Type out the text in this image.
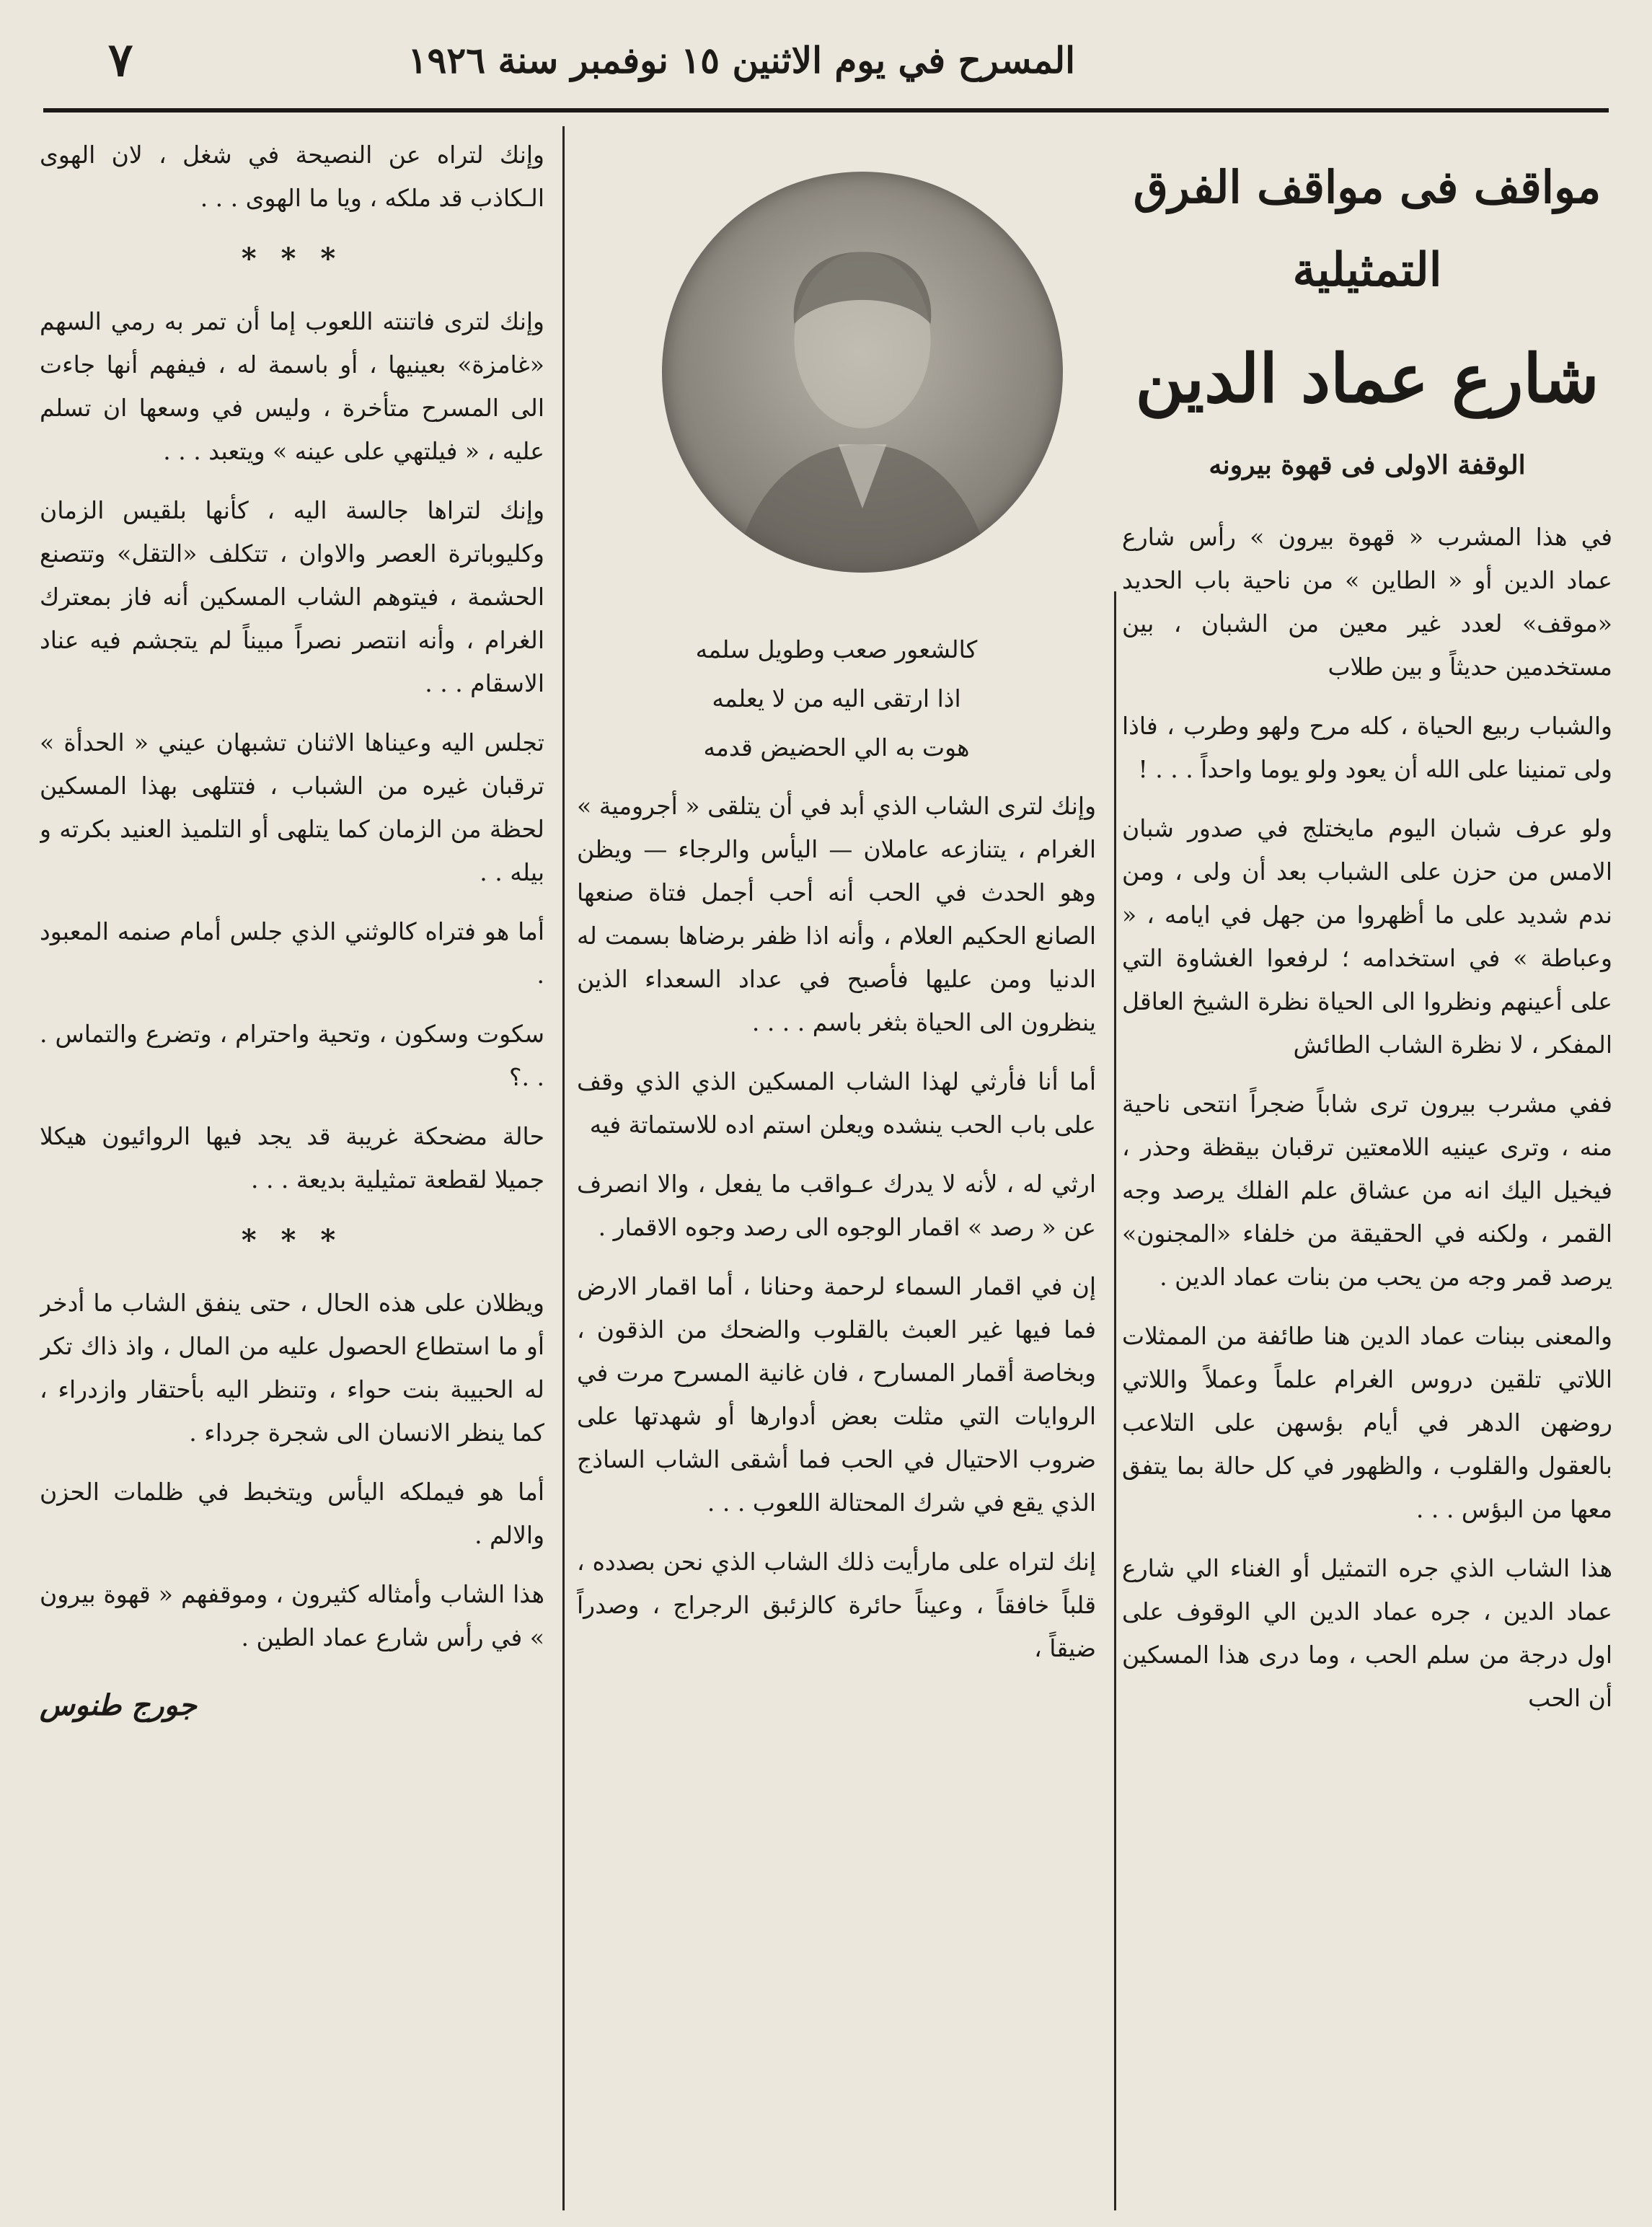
المسرح في يوم الاثنين ١٥ نوفمبر سنة ١٩٢٦
٧
مواقف فى مواقف الفرق
التمثيلية
شارع عماد الدين
الوقفة الاولى فى قهوة بيرونه

في هذا المشرب « قهوة بيرون » رأس شارع عماد الدين أو « الطاين » من ناحية باب الحديد «موقف» لعدد غير معين من الشبان ، بين مستخدمين حديثاً و بين طلاب

والشباب ربيع الحياة ، كله مرح ولهو وطرب ، فاذا ولى تمنينا على الله أن يعود ولو يوما واحداً . . . !

ولو عرف شبان اليوم مايختلج في صدور شبان الامس من حزن على الشباب بعد أن ولى ، ومن ندم شديد على ما أظهروا من جهل في ايامه ، « وعباطة » في استخدامه ؛ لرفعوا الغشاوة التي على أعينهم ونظروا الى الحياة نظرة الشيخ العاقل المفكر ، لا نظرة الشاب الطائش

ففي مشرب بيرون ترى شاباً ضجراً انتحى ناحية منه ، وترى عينيه اللامعتين ترقبان بيقظة وحذر ، فيخيل اليك انه من عشاق علم الفلك يرصد وجه القمر ، ولكنه في الحقيقة من خلفاء «المجنون» يرصد قمر وجه من يحب من بنات عماد الدين .

والمعنى ببنات عماد الدين هنا طائفة من الممثلات اللاتي تلقين دروس الغرام علماً وعملاً واللاتي روضهن الدهر في أيام بؤسهن على التلاعب بالعقول والقلوب ، والظهور في كل حالة بما يتفق معها من البؤس . . .

هذا الشاب الذي جره التمثيل أو الغناء الي شارع عماد الدين ، جره عماد الدين الي الوقوف على اول درجة من سلم الحب ، وما درى هذا المسكين أن الحب

كالشعور صعب وطويل سلمه
اذا ارتقى اليه من لا يعلمه
هوت به الي الحضيض قدمه

وإنك لترى الشاب الذي أبد في أن يتلقى « أجرومية » الغرام ، يتنازعه عاملان — اليأس والرجاء — ويظن وهو الحدث في الحب أنه أحب أجمل فتاة صنعها الصانع الحكيم العلام ، وأنه اذا ظفر برضاها بسمت له الدنيا ومن عليها فأصبح في عداد السعداء الذين ينظرون الى الحياة بثغر باسم . . . .

أما أنا فأرثي لهذا الشاب المسكين الذي الذي وقف على باب الحب ينشده ويعلن استم اده للاستماتة فيه

ارثي له ، لأنه لا يدرك عـواقب ما يفعل ، والا انصرف عن « رصد » اقمار الوجوه الى رصد وجوه الاقمار .

إن في اقمار السماء لرحمة وحنانا ، أما اقمار الارض فما فيها غير العبث بالقلوب والضحك من الذقون ، وبخاصة أقمار المسارح ، فان غانية المسرح مرت في الروايات التي مثلت بعض أدوارها أو شهدتها على ضروب الاحتيال في الحب فما أشقى الشاب الساذج الذي يقع في شرك المحتالة اللعوب . . .

إنك لتراه على مارأيت ذلك الشاب الذي نحن بصدده ، قلباً خافقاً ، وعيناً حائرة كالزئبق الرجراج ، وصدراً ضيقاً ،

وإنك لتراه عن النصيحة في شغل ، لان الهوى الـكاذب قد ملكه ، ويا ما الهوى . . .

* * *

وإنك لترى فاتنته اللعوب إما أن تمر به رمي السهم «غامزة» بعينيها ، أو باسمة له ، فيفهم أنها جاءت الى المسرح متأخرة ، وليس في وسعها ان تسلم عليه ، « فيلتهي على عينه » ويتعبد . . .

وإنك لتراها جالسة اليه ، كأنها بلقيس الزمان وكليوباترة العصر والاوان ، تتكلف «التقل» وتتصنع الحشمة ، فيتوهم الشاب المسكين أنه فاز بمعترك الغرام ، وأنه انتصر نصراً مبيناً لم يتجشم فيه عناد الاسقام . . .

تجلس اليه وعيناها الاثنان تشبهان عيني « الحدأة » ترقبان غيره من الشباب ، فتتلهى بهذا المسكين لحظة من الزمان كما يتلهى أو التلميذ العنيد بكرته و بيله . .

أما هو فتراه كالوثني الذي جلس أمام صنمه المعبود .

سكوت وسكون ، وتحية واحترام ، وتضرع والتماس . . .؟

حالة مضحكة غريبة قد يجد فيها الروائيون هيكلا جميلا لقطعة تمثيلية بديعة . . .

* * *

ويظلان على هذه الحال ، حتى ينفق الشاب ما أدخر أو ما استطاع الحصول عليه من المال ، واذ ذاك تكر له الحبيبة بنت حواء ، وتنظر اليه بأحتقار وازدراء ، كما ينظر الانسان الى شجرة جرداء .

أما هو فيملكه اليأس ويتخبط في ظلمات الحزن والالم .

هذا الشاب وأمثاله كثيرون ، وموقفهم « قهوة بيرون » في رأس شارع عماد الطين .

جورج طنوس
